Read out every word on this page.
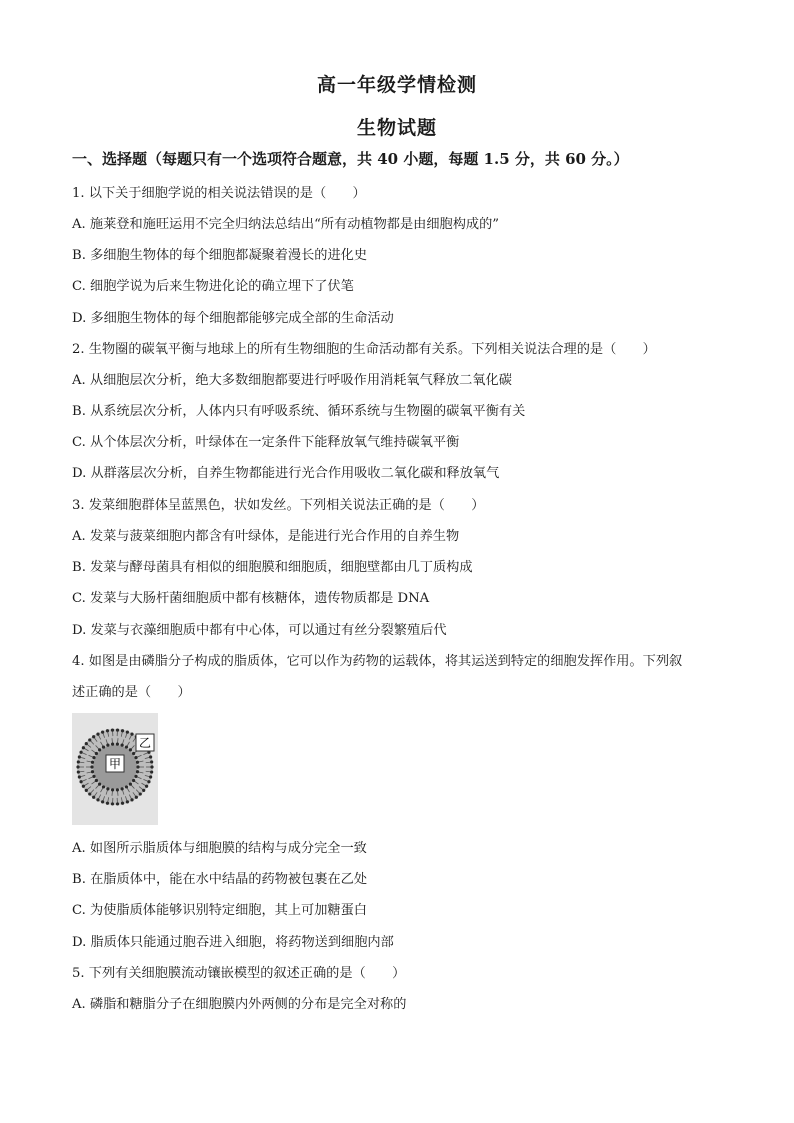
高一年级学情检测
生物试题
一、选择题（每题只有一个选项符合题意，共 40 小题，每题 1.5 分，共 60 分。）
1. 以下关于细胞学说的相关说法错误的是（　　）
A. 施莱登和施旺运用不完全归纳法总结出“所有动植物都是由细胞构成的”
B. 多细胞生物体的每个细胞都凝聚着漫长的进化史
C. 细胞学说为后来生物进化论的确立埋下了伏笔
D. 多细胞生物体的每个细胞都能够完成全部的生命活动
2. 生物圈的碳氧平衡与地球上的所有生物细胞的生命活动都有关系。下列相关说法合理的是（　　）
A. 从细胞层次分析，绝大多数细胞都要进行呼吸作用消耗氧气释放二氧化碳
B. 从系统层次分析，人体内只有呼吸系统、循环系统与生物圈的碳氧平衡有关
C. 从个体层次分析，叶绿体在一定条件下能释放氧气维持碳氧平衡
D. 从群落层次分析，自养生物都能进行光合作用吸收二氧化碳和释放氧气
3. 发菜细胞群体呈蓝黑色，状如发丝。下列相关说法正确的是（　　）
A. 发菜与菠菜细胞内都含有叶绿体，是能进行光合作用的自养生物
B. 发菜与酵母菌具有相似的细胞膜和细胞质，细胞壁都由几丁质构成
C. 发菜与大肠杆菌细胞质中都有核糖体，遗传物质都是 DNA
D. 发菜与衣藻细胞质中都有中心体，可以通过有丝分裂繁殖后代
4. 如图是由磷脂分子构成的脂质体，它可以作为药物的运载体，将其运送到特定的细胞发挥作用。下列叙
述正确的是（　　）
甲
乙
A. 如图所示脂质体与细胞膜的结构与成分完全一致
B. 在脂质体中，能在水中结晶的药物被包裹在乙处
C. 为使脂质体能够识别特定细胞，其上可加糖蛋白
D. 脂质体只能通过胞吞进入细胞，将药物送到细胞内部
5. 下列有关细胞膜流动镶嵌模型的叙述正确的是（　　）
A. 磷脂和糖脂分子在细胞膜内外两侧的分布是完全对称的
